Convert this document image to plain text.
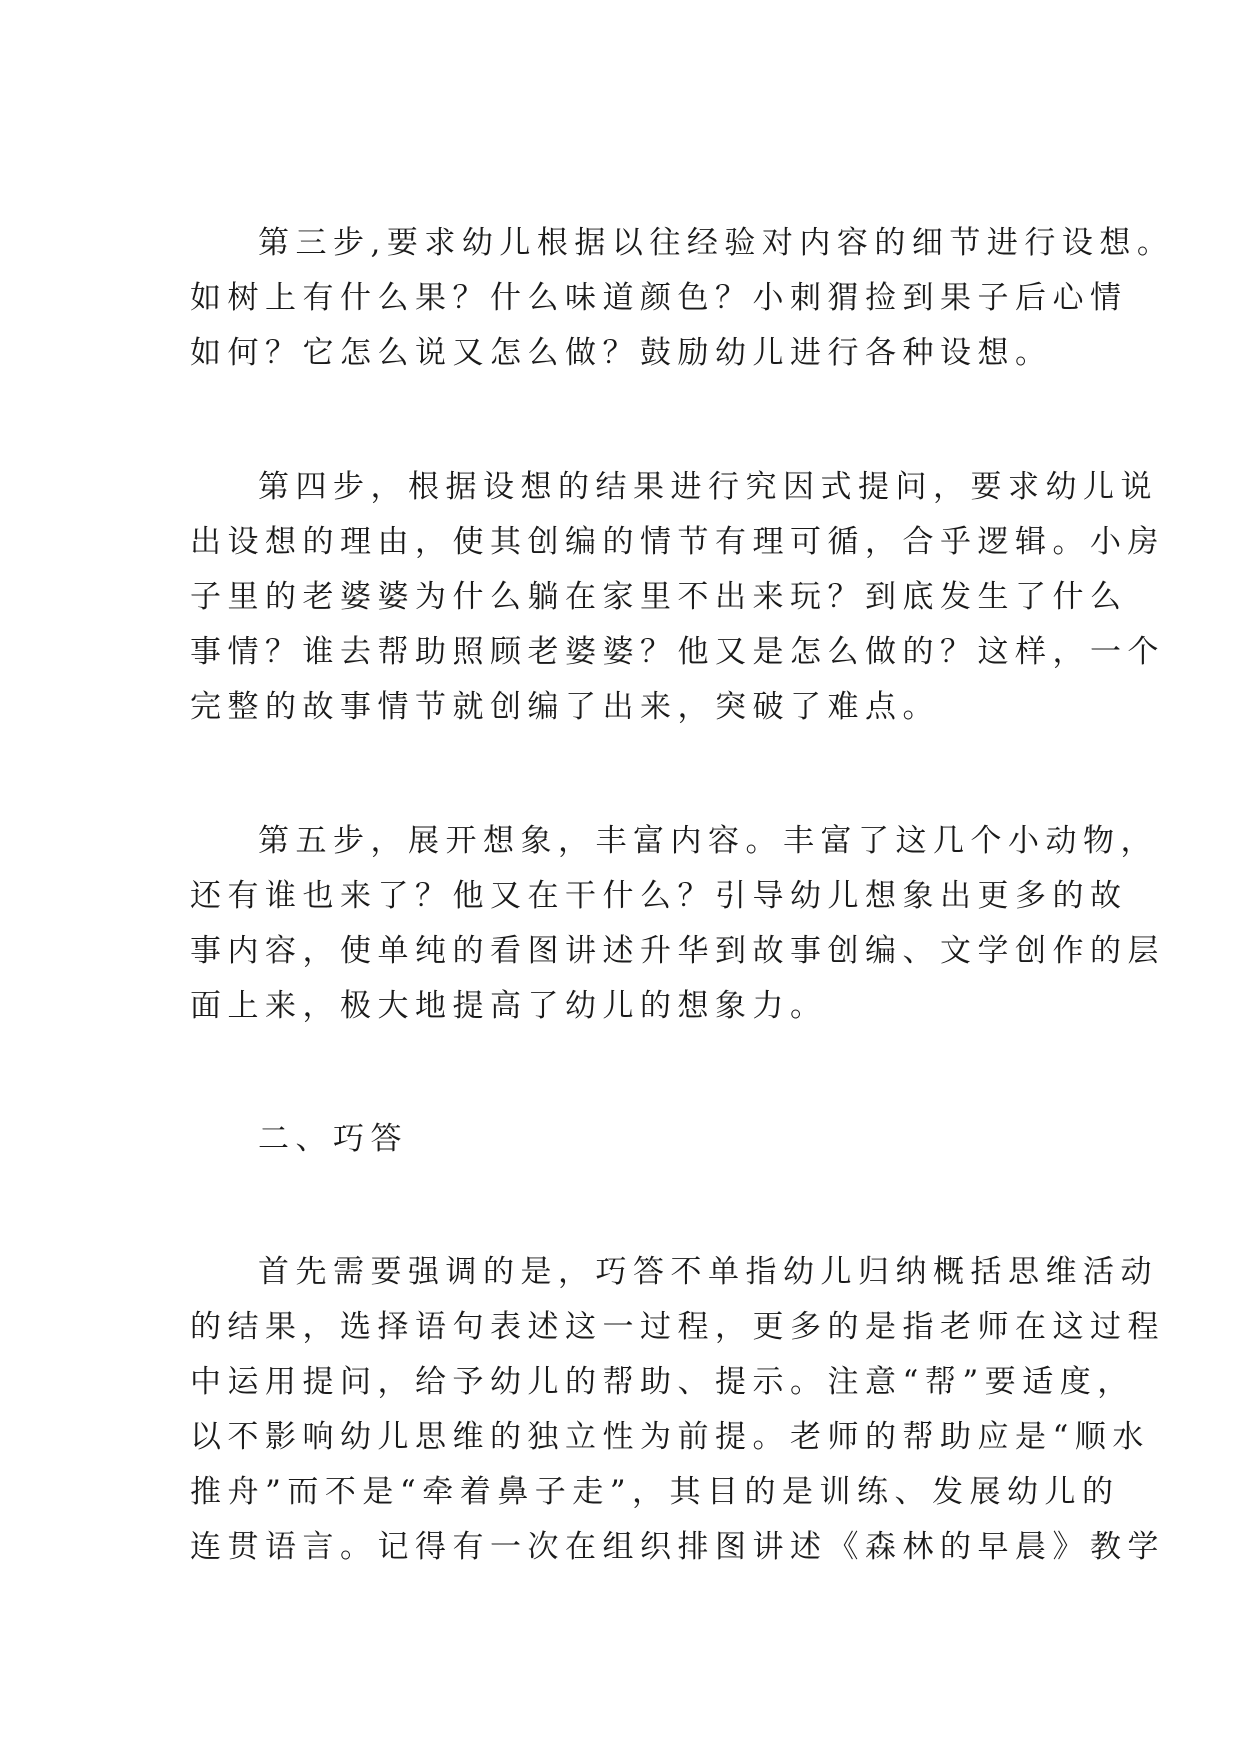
第三步,要求幼儿根据以往经验对内容的细节进行设想。
如树上有什么果？什么味道颜色？小刺猬捡到果子后心情
如何？它怎么说又怎么做？鼓励幼儿进行各种设想。
第四步，根据设想的结果进行究因式提问，要求幼儿说
出设想的理由，使其创编的情节有理可循，合乎逻辑。小房
子里的老婆婆为什么躺在家里不出来玩？到底发生了什么
事情？谁去帮助照顾老婆婆？他又是怎么做的？这样，一个
完整的故事情节就创编了出来，突破了难点。
第五步，展开想象，丰富内容。丰富了这几个小动物，
还有谁也来了？他又在干什么？引导幼儿想象出更多的故
事内容，使单纯的看图讲述升华到故事创编、文学创作的层
面上来，极大地提高了幼儿的想象力。
二、巧答
首先需要强调的是，巧答不单指幼儿归纳概括思维活动
的结果，选择语句表述这一过程，更多的是指老师在这过程
中运用提问，给予幼儿的帮助、提示。注意“帮”要适度，
以不影响幼儿思维的独立性为前提。老师的帮助应是“顺水
推舟”而不是“牵着鼻子走”，其目的是训练、发展幼儿的
连贯语言。记得有一次在组织排图讲述《森林的早晨》教学
